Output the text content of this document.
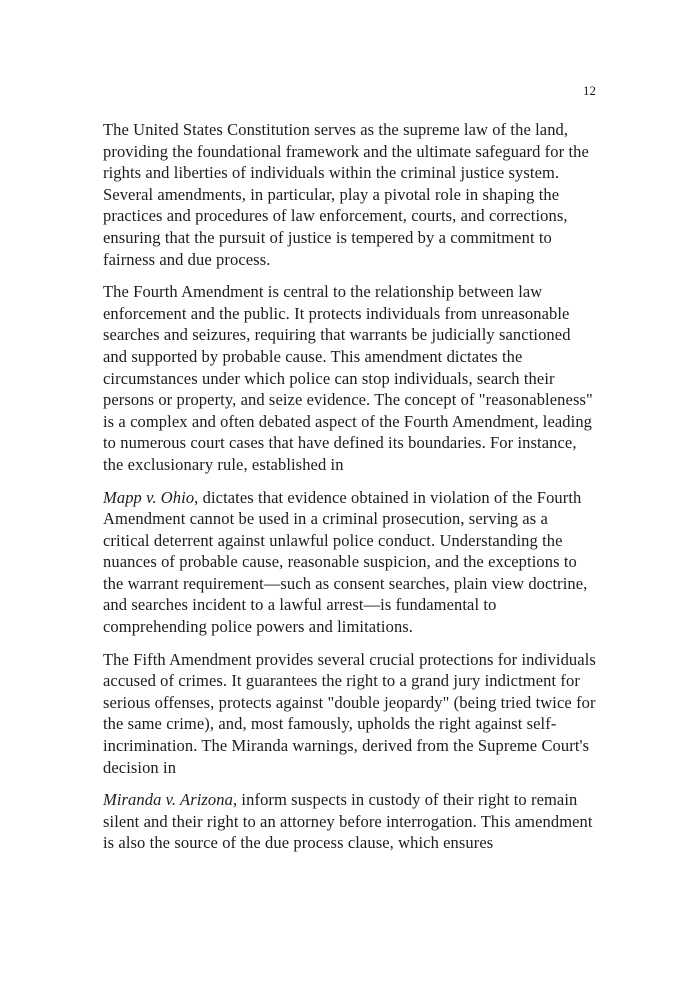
12

The United States Constitution serves as the supreme law of the land, providing the foundational framework and the ultimate safeguard for the rights and liberties of individuals within the criminal justice system. Several amendments, in particular, play a pivotal role in shaping the practices and procedures of law enforcement, courts, and corrections, ensuring that the pursuit of justice is tempered by a commitment to fairness and due process.

The Fourth Amendment is central to the relationship between law enforcement and the public. It protects individuals from unreasonable searches and seizures, requiring that warrants be judicially sanctioned and supported by probable cause. This amendment dictates the circumstances under which police can stop individuals, search their persons or property, and seize evidence. The concept of "reasonableness" is a complex and often debated aspect of the Fourth Amendment, leading to numerous court cases that have defined its boundaries. For instance, the exclusionary rule, established in

Mapp v. Ohio, dictates that evidence obtained in violation of the Fourth Amendment cannot be used in a criminal prosecution, serving as a critical deterrent against unlawful police conduct. Understanding the nuances of probable cause, reasonable suspicion, and the exceptions to the warrant requirement—such as consent searches, plain view doctrine, and searches incident to a lawful arrest—is fundamental to comprehending police powers and limitations.

The Fifth Amendment provides several crucial protections for individuals accused of crimes. It guarantees the right to a grand jury indictment for serious offenses, protects against "double jeopardy" (being tried twice for the same crime), and, most famously, upholds the right against self-incrimination. The Miranda warnings, derived from the Supreme Court's decision in

Miranda v. Arizona, inform suspects in custody of their right to remain silent and their right to an attorney before interrogation. This amendment is also the source of the due process clause, which ensures
